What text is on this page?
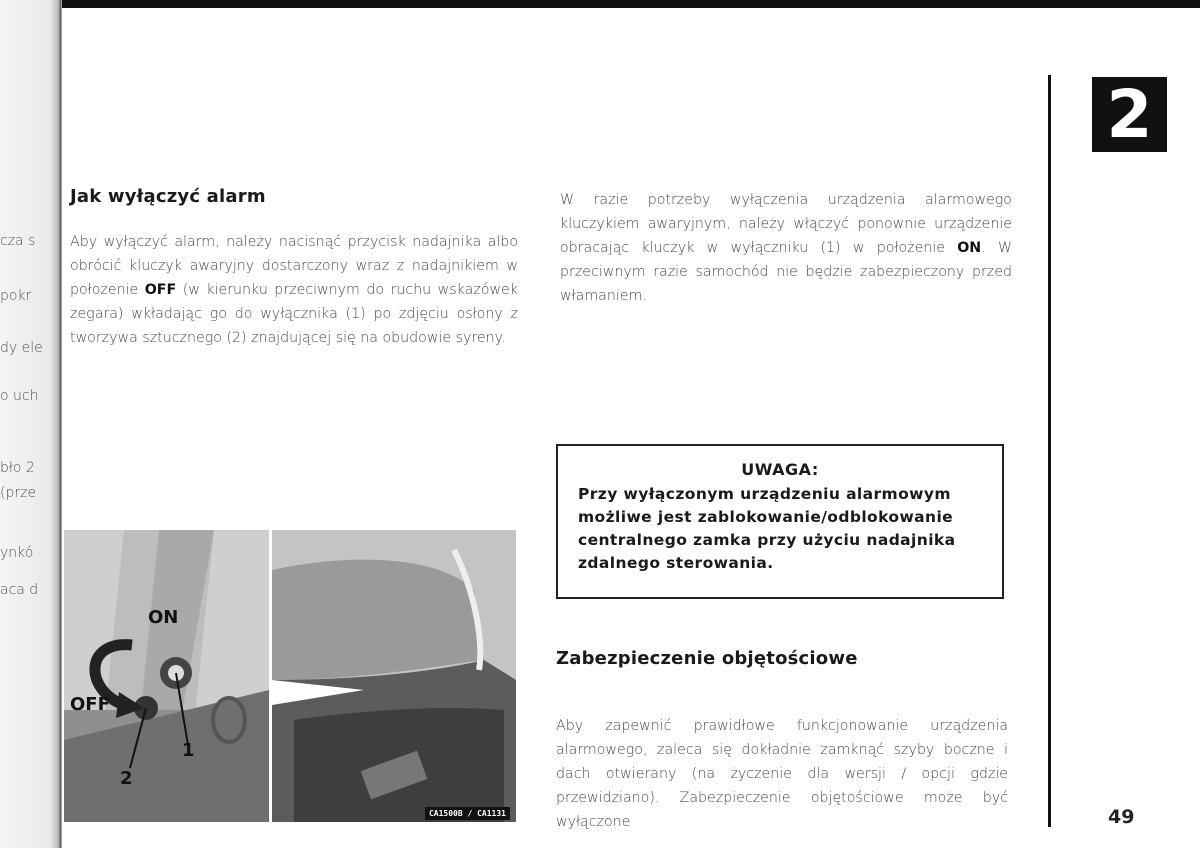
cza s
pokr
dy ele
o uch
bło 2
(prze
ynkó
aca d
2
49
Jak wyłączyć alarm

Aby wyłączyć alarm, należy nacisnąć przycisk nadajnika albo obrócić kluczyk awaryjny dostarczony wraz z nadajnikiem w położenie OFF (w kierunku przeciwnym do ruchu wskazówek zegara) wkładając go do wyłącznika (1) po zdjęciu osłony z tworzywa sztucznego (2) znajdującej się na obudowie syreny.

W razie potrzeby wyłączenia urządzenia alarmowego kluczykiem awaryjnym, należy włączyć ponownie urządzenie obracając kluczyk w wyłączniku (1) w położenie ON. W przeciwnym razie samochód nie będzie zabezpieczony przed włamaniem.

UWAGA:
Przy wyłączonym urządzeniu alarmowym możliwe jest zablokowanie/odblokowanie centralnego zamka przy użyciu nadajnika zdalnego sterowania.
Zabezpieczenie objętościowe

Aby zapewnić prawidłowe funkcjonowanie urządzenia alarmowego, zaleca się dokładnie zamknąć szyby boczne i dach otwierany (na życzenie dla wersji / opcji gdzie przewidziano). Zabezpieczenie objętościowe może być wyłączone

ON
OFF
1
2
CA1500B / CA1131
